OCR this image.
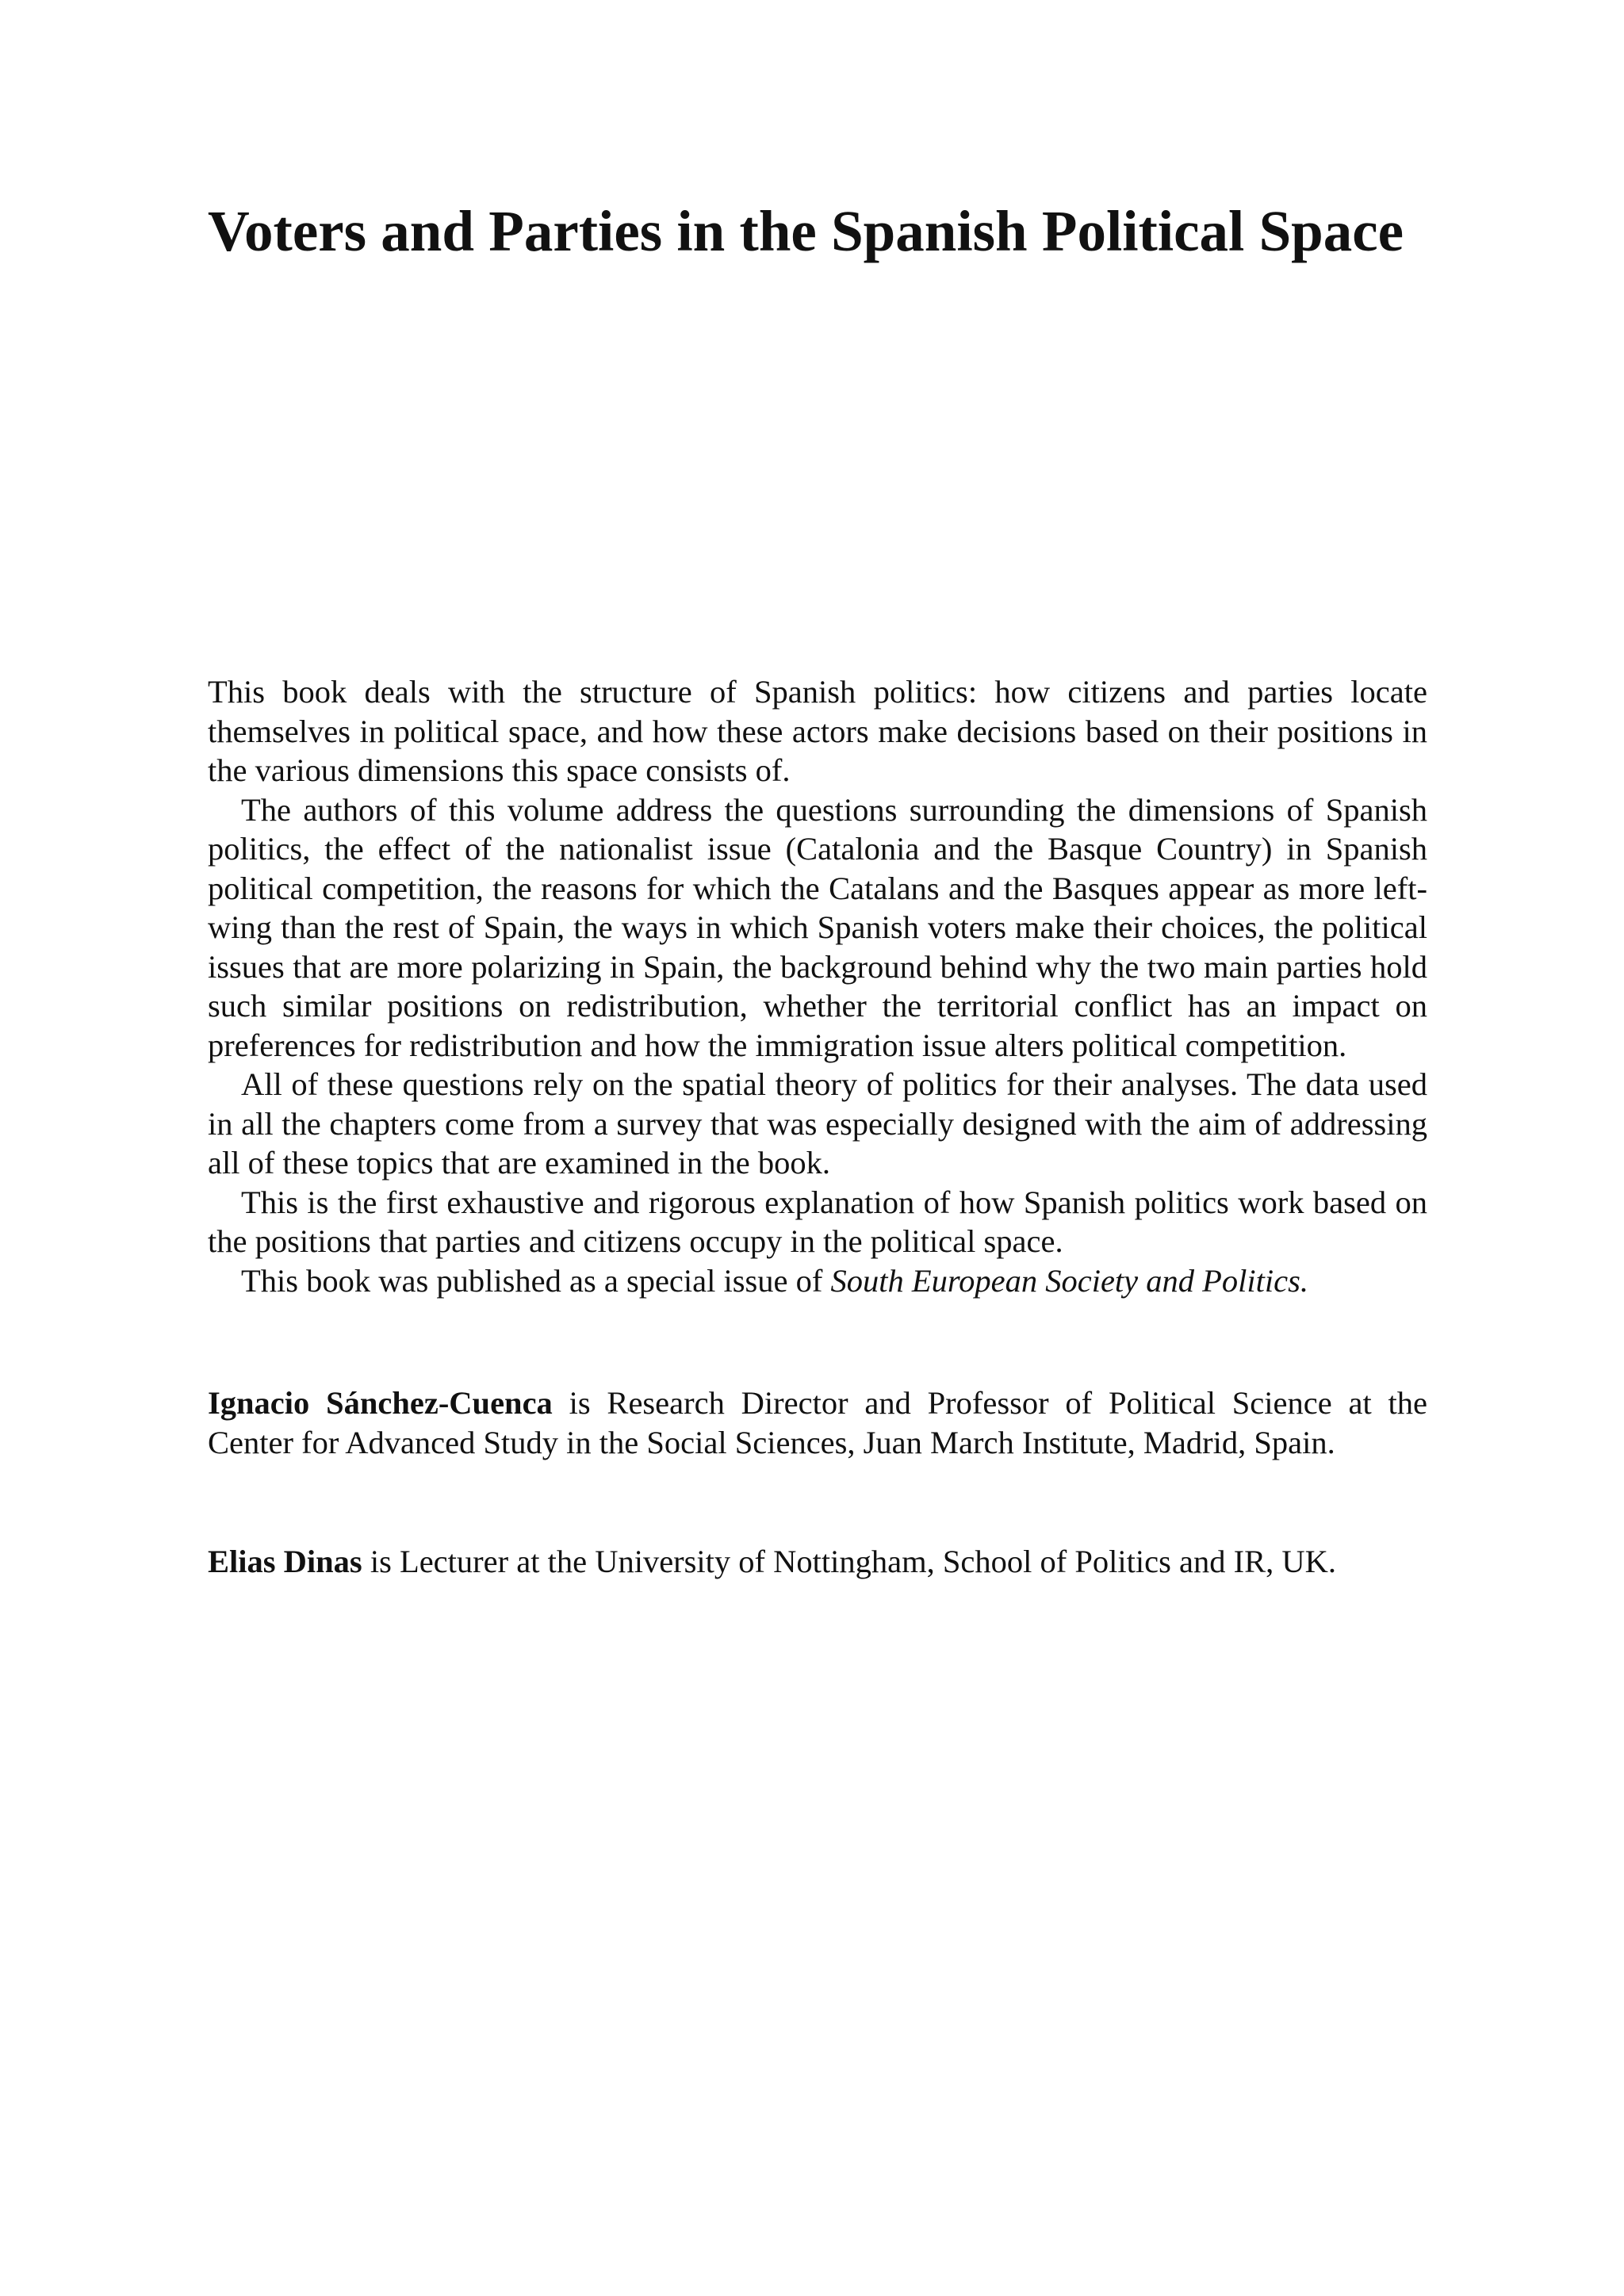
Voters and Parties in the Spanish Political Space

This book deals with the structure of Spanish politics: how citizens and parties locate themselves in political space, and how these actors make decisions based on their positions in the various dimensions this space consists of.

The authors of this volume address the questions surrounding the dimensions of Spanish politics, the effect of the nationalist issue (Catalonia and the Basque Country) in Spanish political competition, the reasons for which the Catalans and the Basques appear as more left-wing than the rest of Spain, the ways in which Spanish voters make their choices, the political issues that are more polarizing in Spain, the background behind why the two main parties hold such similar positions on redistribution, whether the territorial conflict has an impact on preferences for redistribution and how the immigration issue alters political competition.

All of these questions rely on the spatial theory of politics for their analyses. The data used in all the chapters come from a survey that was especially designed with the aim of addressing all of these topics that are examined in the book.

This is the first exhaustive and rigorous explanation of how Spanish politics work based on the positions that parties and citizens occupy in the political space.

This book was published as a special issue of South European Society and Politics.

Ignacio Sánchez-Cuenca is Research Director and Professor of Political Science at the Center for Advanced Study in the Social Sciences, Juan March Institute, Madrid, Spain.

Elias Dinas is Lecturer at the University of Nottingham, School of Politics and IR, UK.
